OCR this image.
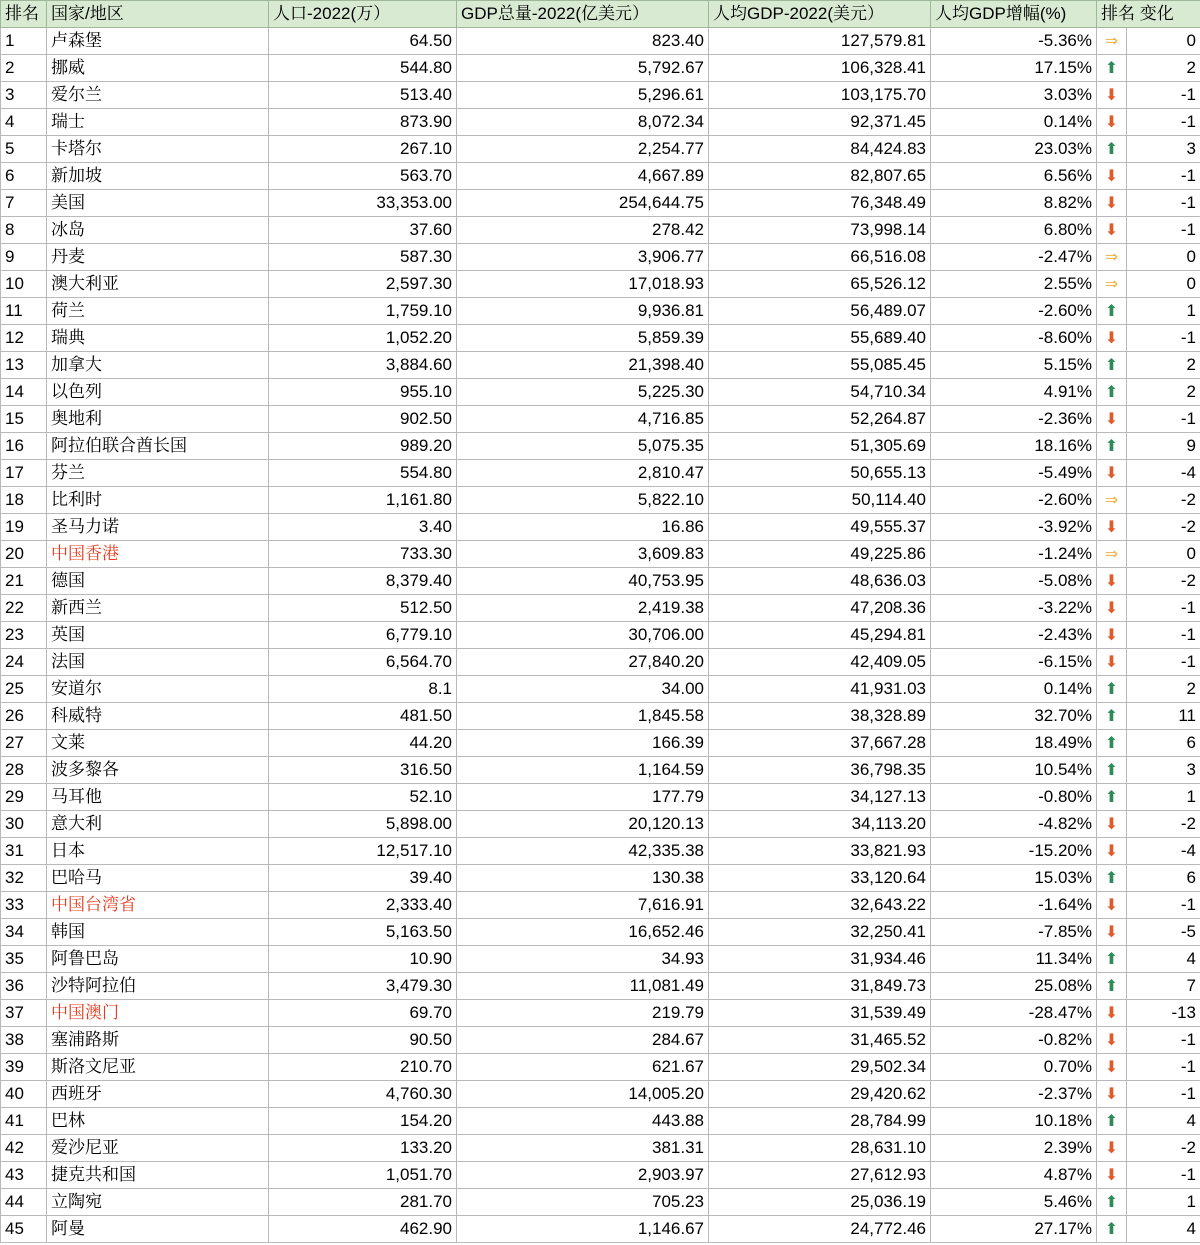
排名	国家/地区	人口-2022(万）	GDP总量-2022(亿美元）	人均GDP-2022(美元）	人均GDP增幅(%)	排名 变化	
1	卢森堡	64.50	823.40	127,579.81	-5.36%	⇒	0
2	挪威	544.80	5,792.67	106,328.41	17.15%	⬆	2
3	爱尔兰	513.40	5,296.61	103,175.70	3.03%	⬇	-1
4	瑞士	873.90	8,072.34	92,371.45	0.14%	⬇	-1
5	卡塔尔	267.10	2,254.77	84,424.83	23.03%	⬆	3
6	新加坡	563.70	4,667.89	82,807.65	6.56%	⬇	-1
7	美国	33,353.00	254,644.75	76,348.49	8.82%	⬇	-1
8	冰岛	37.60	278.42	73,998.14	6.80%	⬇	-1
9	丹麦	587.30	3,906.77	66,516.08	-2.47%	⇒	0
10	澳大利亚	2,597.30	17,018.93	65,526.12	2.55%	⇒	0
11	荷兰	1,759.10	9,936.81	56,489.07	-2.60%	⬆	1
12	瑞典	1,052.20	5,859.39	55,689.40	-8.60%	⬇	-1
13	加拿大	3,884.60	21,398.40	55,085.45	5.15%	⬆	2
14	以色列	955.10	5,225.30	54,710.34	4.91%	⬆	2
15	奥地利	902.50	4,716.85	52,264.87	-2.36%	⬇	-1
16	阿拉伯联合酋长国	989.20	5,075.35	51,305.69	18.16%	⬆	9
17	芬兰	554.80	2,810.47	50,655.13	-5.49%	⬇	-4
18	比利时	1,161.80	5,822.10	50,114.40	-2.60%	⇒	-2
19	圣马力诺	3.40	16.86	49,555.37	-3.92%	⬇	-2
20	中国香港	733.30	3,609.83	49,225.86	-1.24%	⇒	0
21	德国	8,379.40	40,753.95	48,636.03	-5.08%	⬇	-2
22	新西兰	512.50	2,419.38	47,208.36	-3.22%	⬇	-1
23	英国	6,779.10	30,706.00	45,294.81	-2.43%	⬇	-1
24	法国	6,564.70	27,840.20	42,409.05	-6.15%	⬇	-1
25	安道尔	8.1	34.00	41,931.03	0.14%	⬆	2
26	科威特	481.50	1,845.58	38,328.89	32.70%	⬆	11
27	文莱	44.20	166.39	37,667.28	18.49%	⬆	6
28	波多黎各	316.50	1,164.59	36,798.35	10.54%	⬆	3
29	马耳他	52.10	177.79	34,127.13	-0.80%	⬆	1
30	意大利	5,898.00	20,120.13	34,113.20	-4.82%	⬇	-2
31	日本	12,517.10	42,335.38	33,821.93	-15.20%	⬇	-4
32	巴哈马	39.40	130.38	33,120.64	15.03%	⬆	6
33	中国台湾省	2,333.40	7,616.91	32,643.22	-1.64%	⬇	-1
34	韩国	5,163.50	16,652.46	32,250.41	-7.85%	⬇	-5
35	阿鲁巴岛	10.90	34.93	31,934.46	11.34%	⬆	4
36	沙特阿拉伯	3,479.30	11,081.49	31,849.73	25.08%	⬆	7
37	中国澳门	69.70	219.79	31,539.49	-28.47%	⬇	-13
38	塞浦路斯	90.50	284.67	31,465.52	-0.82%	⬇	-1
39	斯洛文尼亚	210.70	621.67	29,502.34	0.70%	⬇	-1
40	西班牙	4,760.30	14,005.20	29,420.62	-2.37%	⬇	-1
41	巴林	154.20	443.88	28,784.99	10.18%	⬆	4
42	爱沙尼亚	133.20	381.31	28,631.10	2.39%	⬇	-2
43	捷克共和国	1,051.70	2,903.97	27,612.93	4.87%	⬇	-1
44	立陶宛	281.70	705.23	25,036.19	5.46%	⬆	1
45	阿曼	462.90	1,146.67	24,772.46	27.17%	⬆	4
